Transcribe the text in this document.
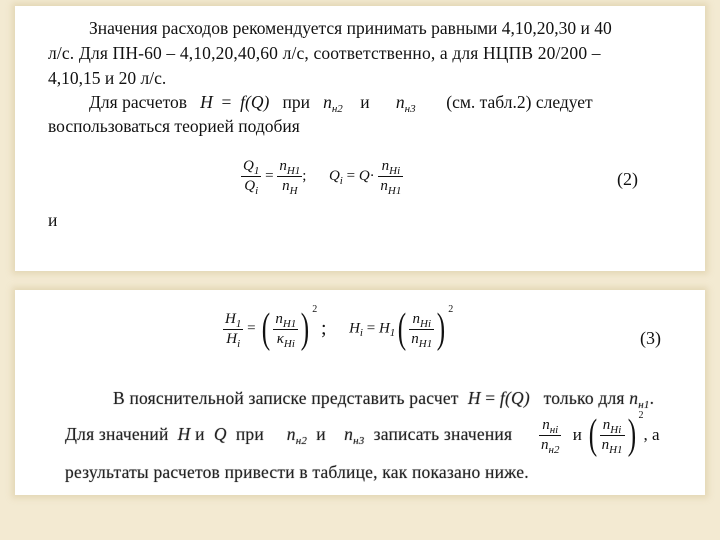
Значения расходов рекомендуется принимать равными 4,10,20,30 и 40
л/с. Для ПН-60 – 4,10,20,40,60 л/с, соответственно, а для НЦПВ 20/200 –
4,10,15 и 20 л/с.
Для расчетов H = f(Q) при $n_{н2}$ и $n_{н3}$ (см. табл.2) следует
воспользоваться теорией подобия
$\frac{Q_1}{Q_i} = \frac{n_{H1}}{n_H}$ ; $Q_i = Q\cdot \frac{n_{Hi}}{n_{H1}}$	(2)
и
$\frac{H_1}{H_i}$ = ( $\frac{n_{H1}}{\kappa_{Hi}}$ ) $^2$ ; $H_i = H_1( \frac{n_{Hi}}{n_{H1}}$ ) $^2$
(3)
В пояснительной записке представить расчет H = f(Q) только для $n_{н1}$.
Для значений H и Q при $n_{н2}$ и $n_{н3}$ записать значения $\frac{n_{нi}}{n_{н2}}$ и ( $\frac{n_{Hi}}{n_{H1}}$ ) $^2$, а
результаты расчетов привести в таблице, как показано ниже.
